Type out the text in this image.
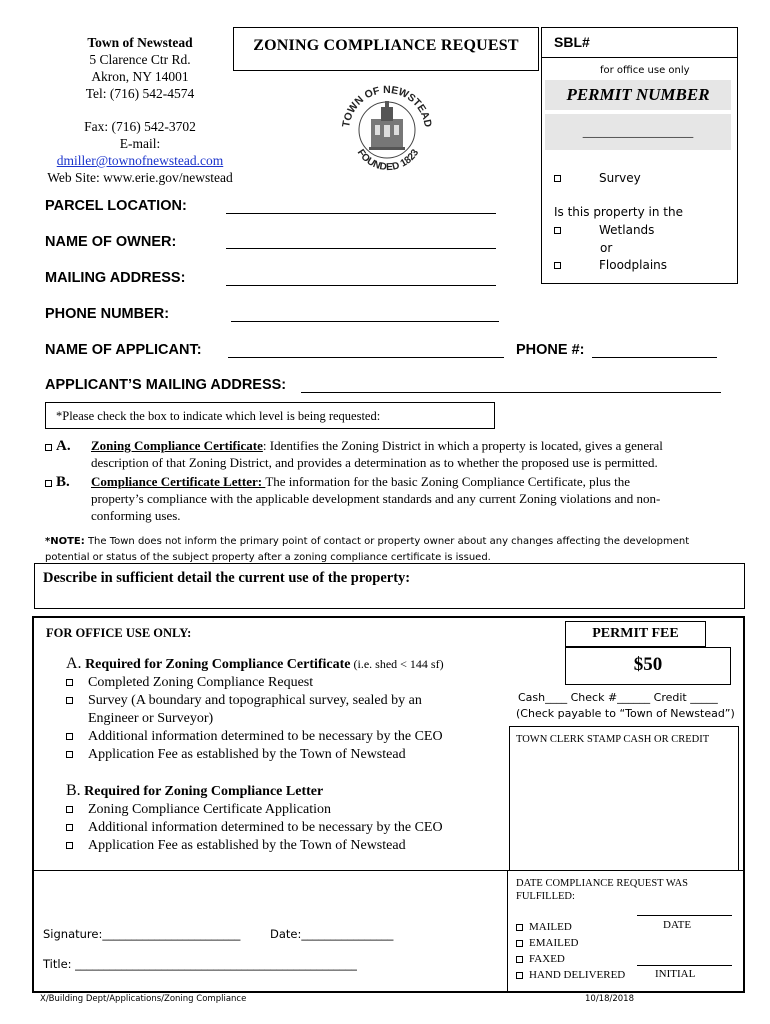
Town of Newstead
5 Clarence Ctr Rd.
Akron, NY 14001
Tel: (716) 542-4574
Fax: (716) 542-3702
E-mail:
dmiller@townofnewstead.com
Web Site: www.erie.gov/newstead
ZONING COMPLIANCE REQUEST
TOWN OF NEWSTEAD
FOUNDED 1823
SBL#
for office use only
PERMIT NUMBER
_________________
Survey
Is this property in the
Wetlands
or
Floodplains
PARCEL LOCATION:
NAME OF OWNER:
MAILING ADDRESS:
PHONE NUMBER:
NAME OF APPLICANT:	PHONE #:
APPLICANT’S MAILING ADDRESS:
*Please check the box to indicate which level is being requested:
A. Zoning Compliance Certificate: Identifies the Zoning District in which a property is located, gives a general
description of that Zoning District, and provides a determination as to whether the proposed use is permitted.
B. Compliance Certificate Letter: The information for the basic Zoning Compliance Certificate, plus the
property’s compliance with the applicable development standards and any current Zoning violations and non-
conforming uses.
*NOTE: The Town does not inform the primary point of contact or property owner about any changes affecting the development
potential or status of the subject property after a zoning compliance certificate is issued.
Describe in sufficient detail the current use of the property:
FOR OFFICE USE ONLY:
A. Required for Zoning Compliance Certificate (i.e. shed < 144 sf)
Completed Zoning Compliance Request
Survey (A boundary and topographical survey, sealed by an
Engineer or Surveyor)
Additional information determined to be necessary by the CEO
Application Fee as established by the Town of Newstead
B. Required for Zoning Compliance Letter
Zoning Compliance Certificate Application
Additional information determined to be necessary by the CEO
Application Fee as established by the Town of Newstead
PERMIT FEE
$50
Cash____ Check #______ Credit _____
(Check payable to “Town of Newstead”)
TOWN CLERK STAMP CASH OR CREDIT
Signature:________________________	Date:________________
Title: _________________________________________________
DATE COMPLIANCE REQUEST WAS FULFILLED:
DATE
INITIAL
MAILED
EMAILED
FAXED
HAND DELIVERED
X/Building Dept/Applications/Zoning Compliance	10/18/2018
